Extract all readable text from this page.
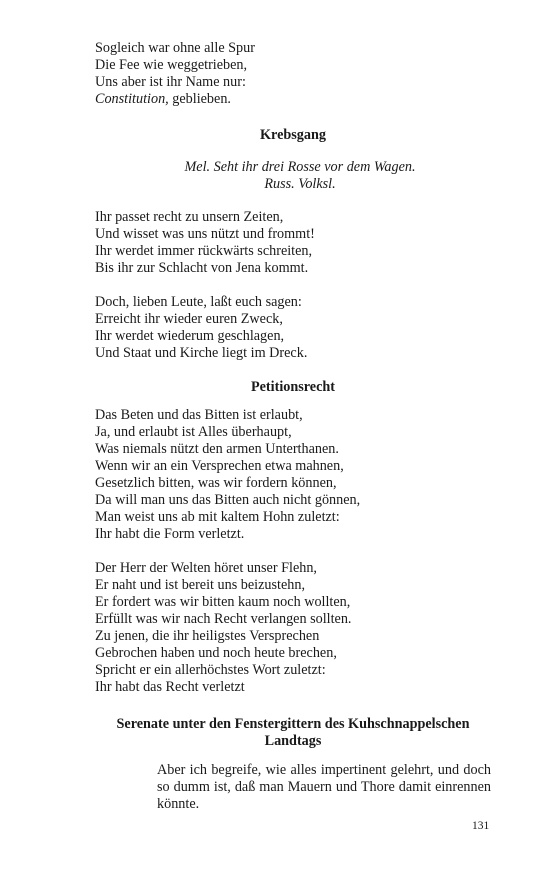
Sogleich war ohne alle Spur
Die Fee wie weggetrieben,
Uns aber ist ihr Name nur:
Constitution, geblieben.
Krebsgang
Mel. Seht ihr drei Rosse vor dem Wagen.
Russ. Volksl.
Ihr passet recht zu unsern Zeiten,
Und wisset was uns nützt und frommt!
Ihr werdet immer rückwärts schreiten,
Bis ihr zur Schlacht von Jena kommt.
Doch, lieben Leute, laßt euch sagen:
Erreicht ihr wieder euren Zweck,
Ihr werdet wiederum geschlagen,
Und Staat und Kirche liegt im Dreck.
Petitionsrecht
Das Beten und das Bitten ist erlaubt,
Ja, und erlaubt ist Alles überhaupt,
Was niemals nützt den armen Unterthanen.
Wenn wir an ein Versprechen etwa mahnen,
Gesetzlich bitten, was wir fordern können,
Da will man uns das Bitten auch nicht gönnen,
Man weist uns ab mit kaltem Hohn zuletzt:
Ihr habt die Form verletzt.
Der Herr der Welten höret unser Flehn,
Er naht und ist bereit uns beizustehn,
Er fordert was wir bitten kaum noch wollten,
Erfüllt was wir nach Recht verlangen sollten.
Zu jenen, die ihr heiligstes Versprechen
Gebrochen haben und noch heute brechen,
Spricht er ein allerhöchstes Wort zuletzt:
Ihr habt das Recht verletzt
Serenate unter den Fenstergittern des Kuhschnappelschen
Landtags
Aber ich begreife, wie alles impertinent gelehrt, und doch so dumm ist, daß man Mauern und Thore damit einrennen könnte.
131
